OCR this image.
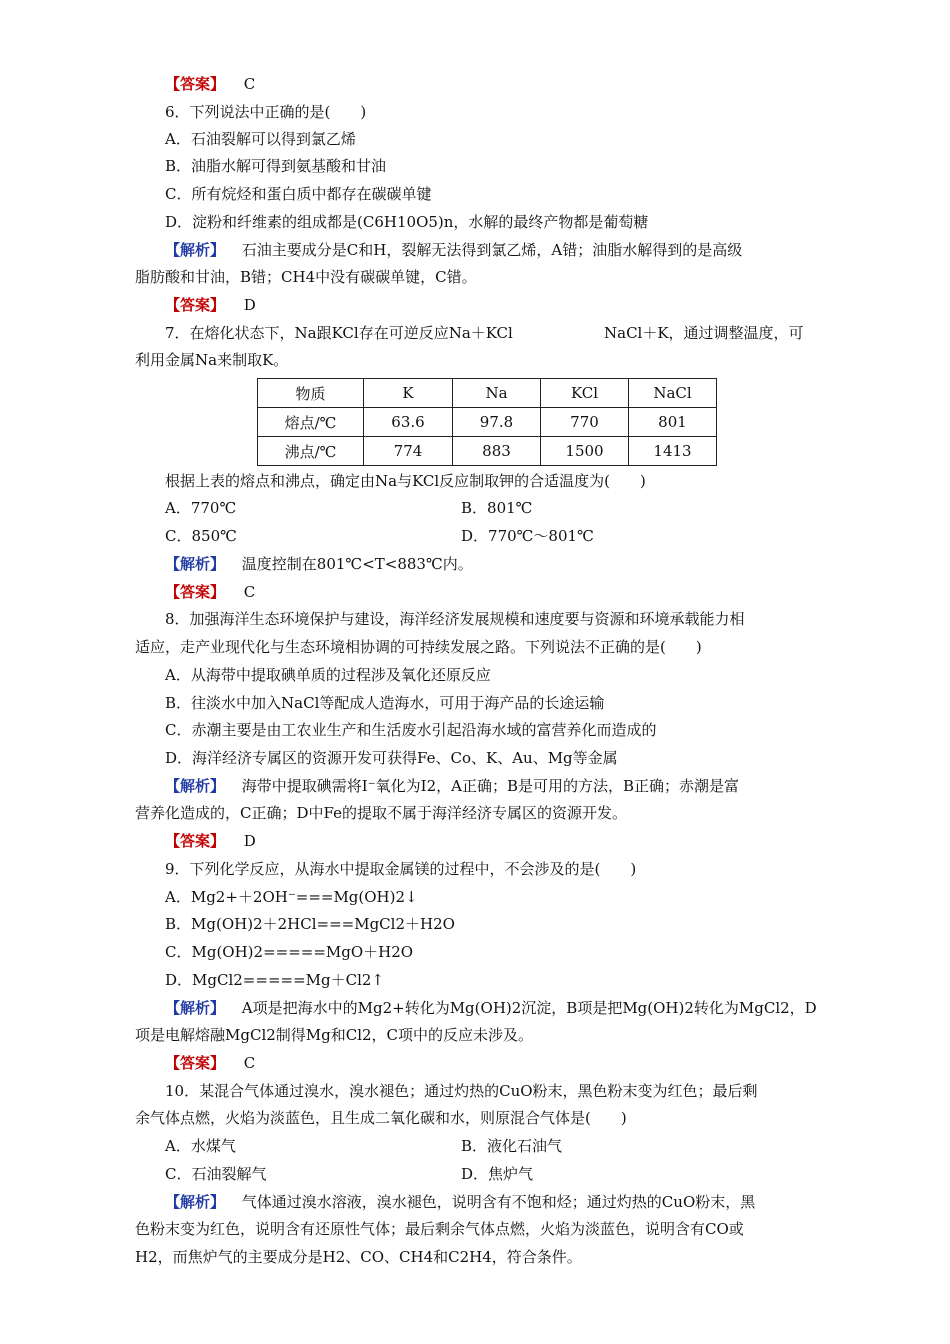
【答案】 C
6．下列说法中正确的是(　　)
A．石油裂解可以得到氯乙烯
B．油脂水解可得到氨基酸和甘油
C．所有烷烃和蛋白质中都存在碳碳单键
D．淀粉和纤维素的组成都是(C6H10O5)n，水解的最终产物都是葡萄糖
【解析】 石油主要成分是C和H，裂解无法得到氯乙烯，A错；油脂水解得到的是高级
脂肪酸和甘油，B错；CH4中没有碳碳单键，C错。
【答案】 D
7．在熔化状态下，Na跟KCl存在可逆反应Na＋KCl	NaCl＋K，通过调整温度，可
利用金属Na来制取K。
物质	K	Na	KCl	NaCl
熔点/℃	63.6	97.8	770	801
沸点/℃	774	883	1500	1413
根据上表的熔点和沸点，确定由Na与KCl反应制取钾的合适温度为(　　)
A．770℃	B．801℃
C．850℃	D．770℃～801℃
【解析】 温度控制在801℃<T<883℃内。
【答案】 C
8．加强海洋生态环境保护与建设，海洋经济发展规模和速度要与资源和环境承载能力相
适应，走产业现代化与生态环境相协调的可持续发展之路。下列说法不正确的是(　　)
A．从海带中提取碘单质的过程涉及氧化还原反应
B．往淡水中加入NaCl等配成人造海水，可用于海产品的长途运输
C．赤潮主要是由工农业生产和生活废水引起沿海水域的富营养化而造成的
D．海洋经济专属区的资源开发可获得Fe、Co、K、Au、Mg等金属
【解析】 海带中提取碘需将I⁻氧化为I2，A正确；B是可用的方法，B正确；赤潮是富
营养化造成的，C正确；D中Fe的提取不属于海洋经济专属区的资源开发。
【答案】 D
9．下列化学反应，从海水中提取金属镁的过程中，不会涉及的是(　　)
A．Mg2+＋2OH⁻===Mg(OH)2↓
B．Mg(OH)2＋2HCl===MgCl2＋H2O
C．Mg(OH)2=====MgO＋H2O
D．MgCl2=====Mg＋Cl2↑
【解析】 A项是把海水中的Mg2+转化为Mg(OH)2沉淀，B项是把Mg(OH)2转化为MgCl2，D
项是电解熔融MgCl2制得Mg和Cl2，C项中的反应未涉及。
【答案】 C
10．某混合气体通过溴水，溴水褪色；通过灼热的CuO粉末，黑色粉末变为红色；最后剩
余气体点燃，火焰为淡蓝色，且生成二氧化碳和水，则原混合气体是(　　)
A．水煤气	B．液化石油气
C．石油裂解气	D．焦炉气
【解析】 气体通过溴水溶液，溴水褪色，说明含有不饱和烃；通过灼热的CuO粉末，黑
色粉末变为红色，说明含有还原性气体；最后剩余气体点燃，火焰为淡蓝色，说明含有CO或
H2，而焦炉气的主要成分是H2、CO、CH4和C2H4，符合条件。
